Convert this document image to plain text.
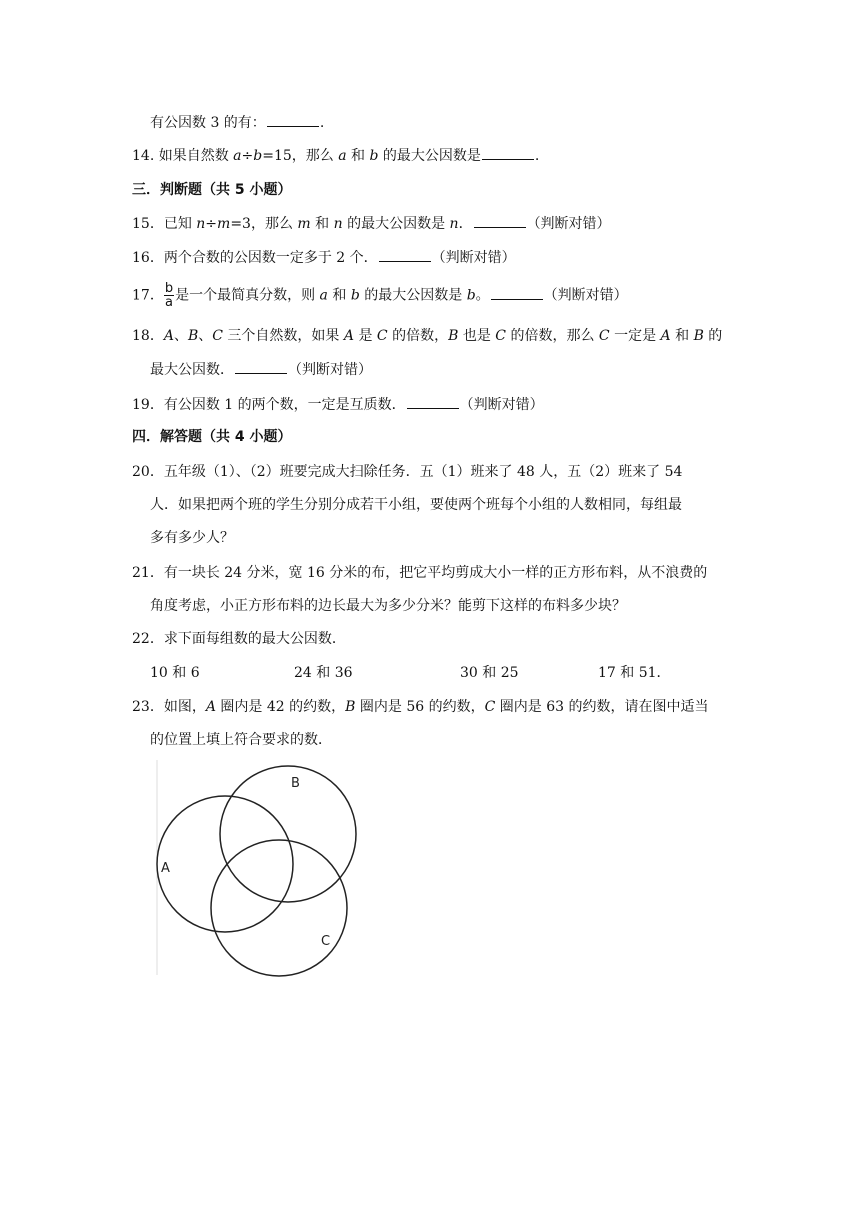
有公因数 3 的有：	.
14. 如果自然数 a÷b=15，那么 a 和 b 的最大公因数是	.
三．判断题（共 5 小题）
15．已知 n÷m=3，那么 m 和 n 的最大公因数是 n．	（判断对错）
16．两个合数的公因数一定多于 2 个．	（判断对错）
17． $\frac{b}{a}$ 是一个最简真分数，则 a 和 b 的最大公因数是 b。	（判断对错）
18．A、B、C 三个自然数，如果 A 是 C 的倍数，B 也是 C 的倍数，那么 C 一定是 A 和 B 的
最大公因数．	（判断对错）
19．有公因数 1 的两个数，一定是互质数．	（判断对错）
四．解答题（共 4 小题）
20．五年级（1）、（2）班要完成大扫除任务．五（1）班来了 48 人，五（2）班来了 54
人．如果把两个班的学生分别分成若干小组，要使两个班每个小组的人数相同，每组最
多有多少人？
21．有一块长 24 分米，宽 16 分米的布，把它平均剪成大小一样的正方形布料，从不浪费的
角度考虑，小正方形布料的边长最大为多少分米？能剪下这样的布料多少块？
22．求下面每组数的最大公因数．
10 和 6	24 和 36	30 和 25	17 和 51．
23．如图，A 圈内是 42 的约数，B 圈内是 56 的约数，C 圈内是 63 的约数，请在图中适当
的位置上填上符合要求的数．
A
B
C
